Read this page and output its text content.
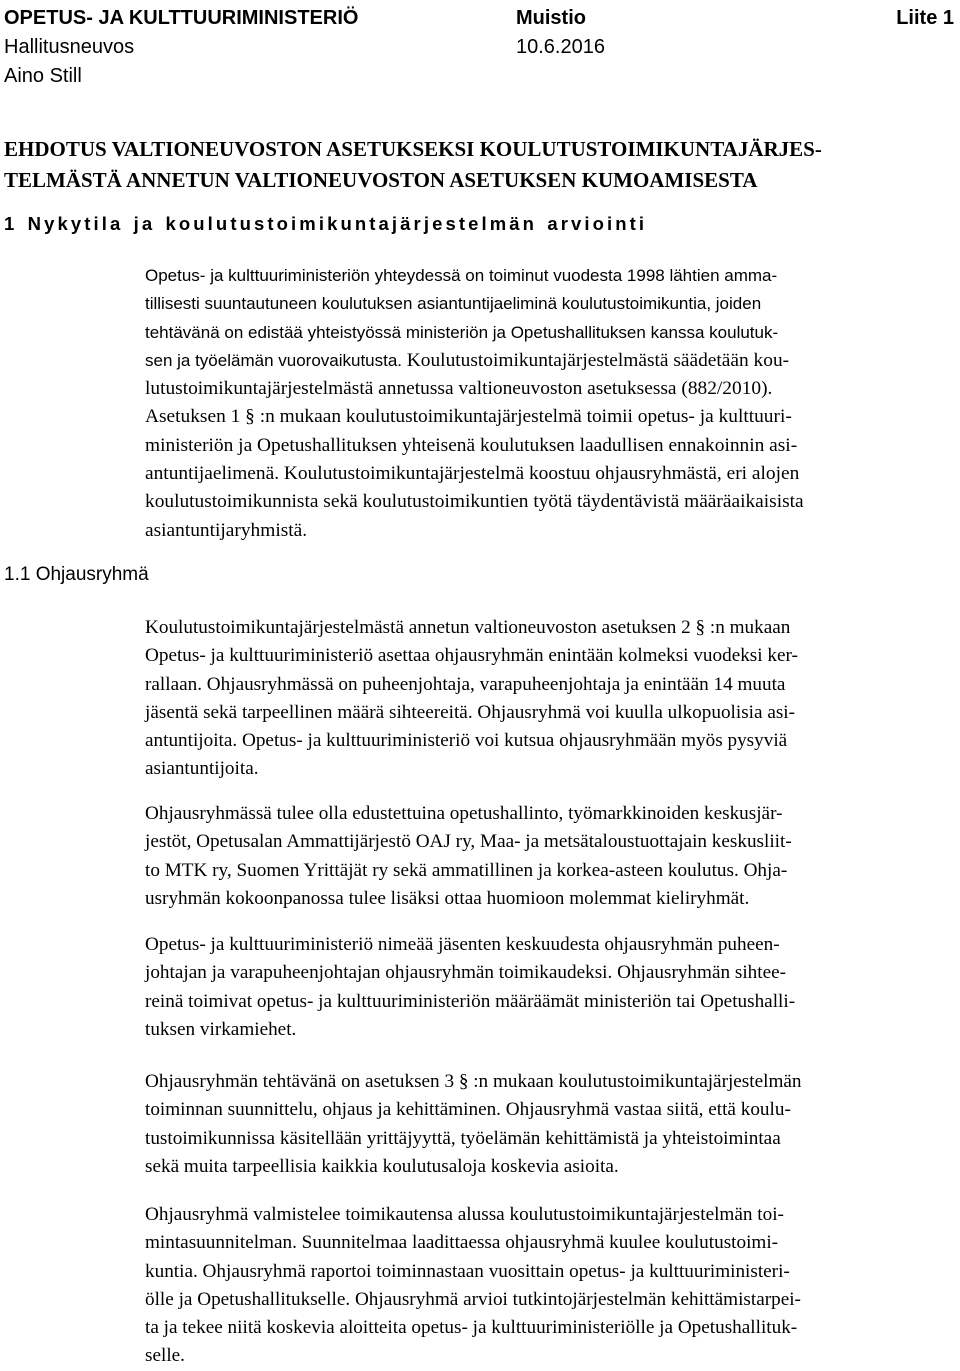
OPETUS- JA KULTTUURIMINISTERIÖ	Muistio	Liite 1
Hallitusneuvos	10.6.2016
Aino Still
EHDOTUS VALTIONEUVOSTON ASETUKSEKSI KOULUTUSTOIMIKUNTAJÄRJES-
TELMÄSTÄ ANNETUN VALTIONEUVOSTON ASETUKSEN KUMOAMISESTA
1 Nykytila ja koulutustoimikuntajärjestelmän arviointi
Opetus- ja kulttuuriministeriön yhteydessä on toiminut vuodesta 1998 lähtien amma-
tillisesti suuntautuneen koulutuksen asiantuntijaeliminä koulutustoimikuntia, joiden
tehtävänä on edistää yhteistyössä ministeriön ja Opetushallituksen kanssa koulutuk-
sen ja työelämän vuorovaikutusta. Koulutustoimikuntajärjestelmästä säädetään kou-
lutustoimikuntajärjestelmästä annetussa valtioneuvoston asetuksessa (882/2010).
Asetuksen 1 § :n mukaan koulutustoimikuntajärjestelmä toimii opetus- ja kulttuuri-
ministeriön ja Opetushallituksen yhteisenä koulutuksen laadullisen ennakoinnin asi-
antuntijaelimenä. Koulutustoimikuntajärjestelmä koostuu ohjausryhmästä, eri alojen
koulutustoimikunnista sekä koulutustoimikuntien työtä täydentävistä määräaikaisista
asiantuntijaryhmistä.
1.1 Ohjausryhmä
Koulutustoimikuntajärjestelmästä annetun valtioneuvoston asetuksen 2 § :n mukaan
Opetus- ja kulttuuriministeriö asettaa ohjausryhmän enintään kolmeksi vuodeksi ker-
rallaan. Ohjausryhmässä on puheenjohtaja, varapuheenjohtaja ja enintään 14 muuta
jäsentä sekä tarpeellinen määrä sihteereitä. Ohjausryhmä voi kuulla ulkopuolisia asi-
antuntijoita. Opetus- ja kulttuuriministeriö voi kutsua ohjausryhmään myös pysyviä
asiantuntijoita.
Ohjausryhmässä tulee olla edustettuina opetushallinto, työmarkkinoiden keskusjär-
jestöt, Opetusalan Ammattijärjestö OAJ ry, Maa- ja metsätaloustuottajain keskusliit-
to MTK ry, Suomen Yrittäjät ry sekä ammatillinen ja korkea-asteen koulutus. Ohja-
usryhmän kokoonpanossa tulee lisäksi ottaa huomioon molemmat kieliryhmät.
Opetus- ja kulttuuriministeriö nimeää jäsenten keskuudesta ohjausryhmän puheen-
johtajan ja varapuheenjohtajan ohjausryhmän toimikaudeksi. Ohjausryhmän sihtee-
reinä toimivat opetus- ja kulttuuriministeriön määräämät ministeriön tai Opetushalli-
tuksen virkamiehet.
Ohjausryhmän tehtävänä on asetuksen 3 § :n mukaan koulutustoimikuntajärjestelmän
toiminnan suunnittelu, ohjaus ja kehittäminen. Ohjausryhmä vastaa siitä, että koulu-
tustoimikunnissa käsitellään yrittäjyyttä, työelämän kehittämistä ja yhteistoimintaa
sekä muita tarpeellisia kaikkia koulutusaloja koskevia asioita.
Ohjausryhmä valmistelee toimikautensa alussa koulutustoimikuntajärjestelmän toi-
mintasuunnitelman. Suunnitelmaa laadittaessa ohjausryhmä kuulee koulutustoimi-
kuntia. Ohjausryhmä raportoi toiminnastaan vuosittain opetus- ja kulttuuriministeri-
ölle ja Opetushallitukselle. Ohjausryhmä arvioi tutkintojärjestelmän kehittämistarpei-
ta ja tekee niitä koskevia aloitteita opetus- ja kulttuuriministeriölle ja Opetushallituk-
selle.
